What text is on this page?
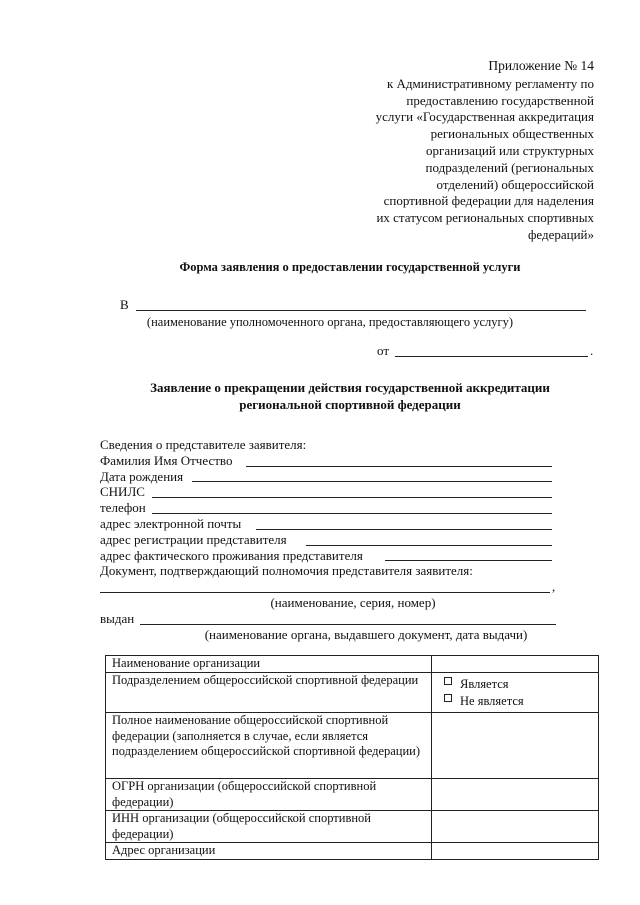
Приложение № 14
к Административному регламенту по
предоставлению государственной
услуги «Государственная аккредитация
региональных общественных
организаций или структурных
подразделений (региональных
отделений) общероссийской
спортивной федерации для наделения
их статусом региональных спортивных
федераций»
Форма заявления о предоставлении государственной услуги
В
(наименование уполномоченного органа, предоставляющего услугу)
от	.
Заявление о прекращении действия государственной аккредитации
региональной спортивной федерации
Сведения о представителе заявителя:
Фамилия Имя Отчество
Дата рождения
СНИЛС
телефон
адрес электронной почты
адрес регистрации представителя
адрес фактического проживания представителя
Документ, подтверждающий полномочия представителя заявителя:
,
(наименование, серия, номер)
выдан
(наименование органа, выдавшего документ, дата выдачи)
Наименование организации	
Подразделением общероссийской спортивной федерации	Является
Не является

Полное наименование общероссийской спортивной федерации (заполняется в случае, если является подразделением общероссийской спортивной федерации)	
ОГРН организации (общероссийской спортивной федерации)	
ИНН организации (общероссийской спортивной федерации)	
Адрес организации	
